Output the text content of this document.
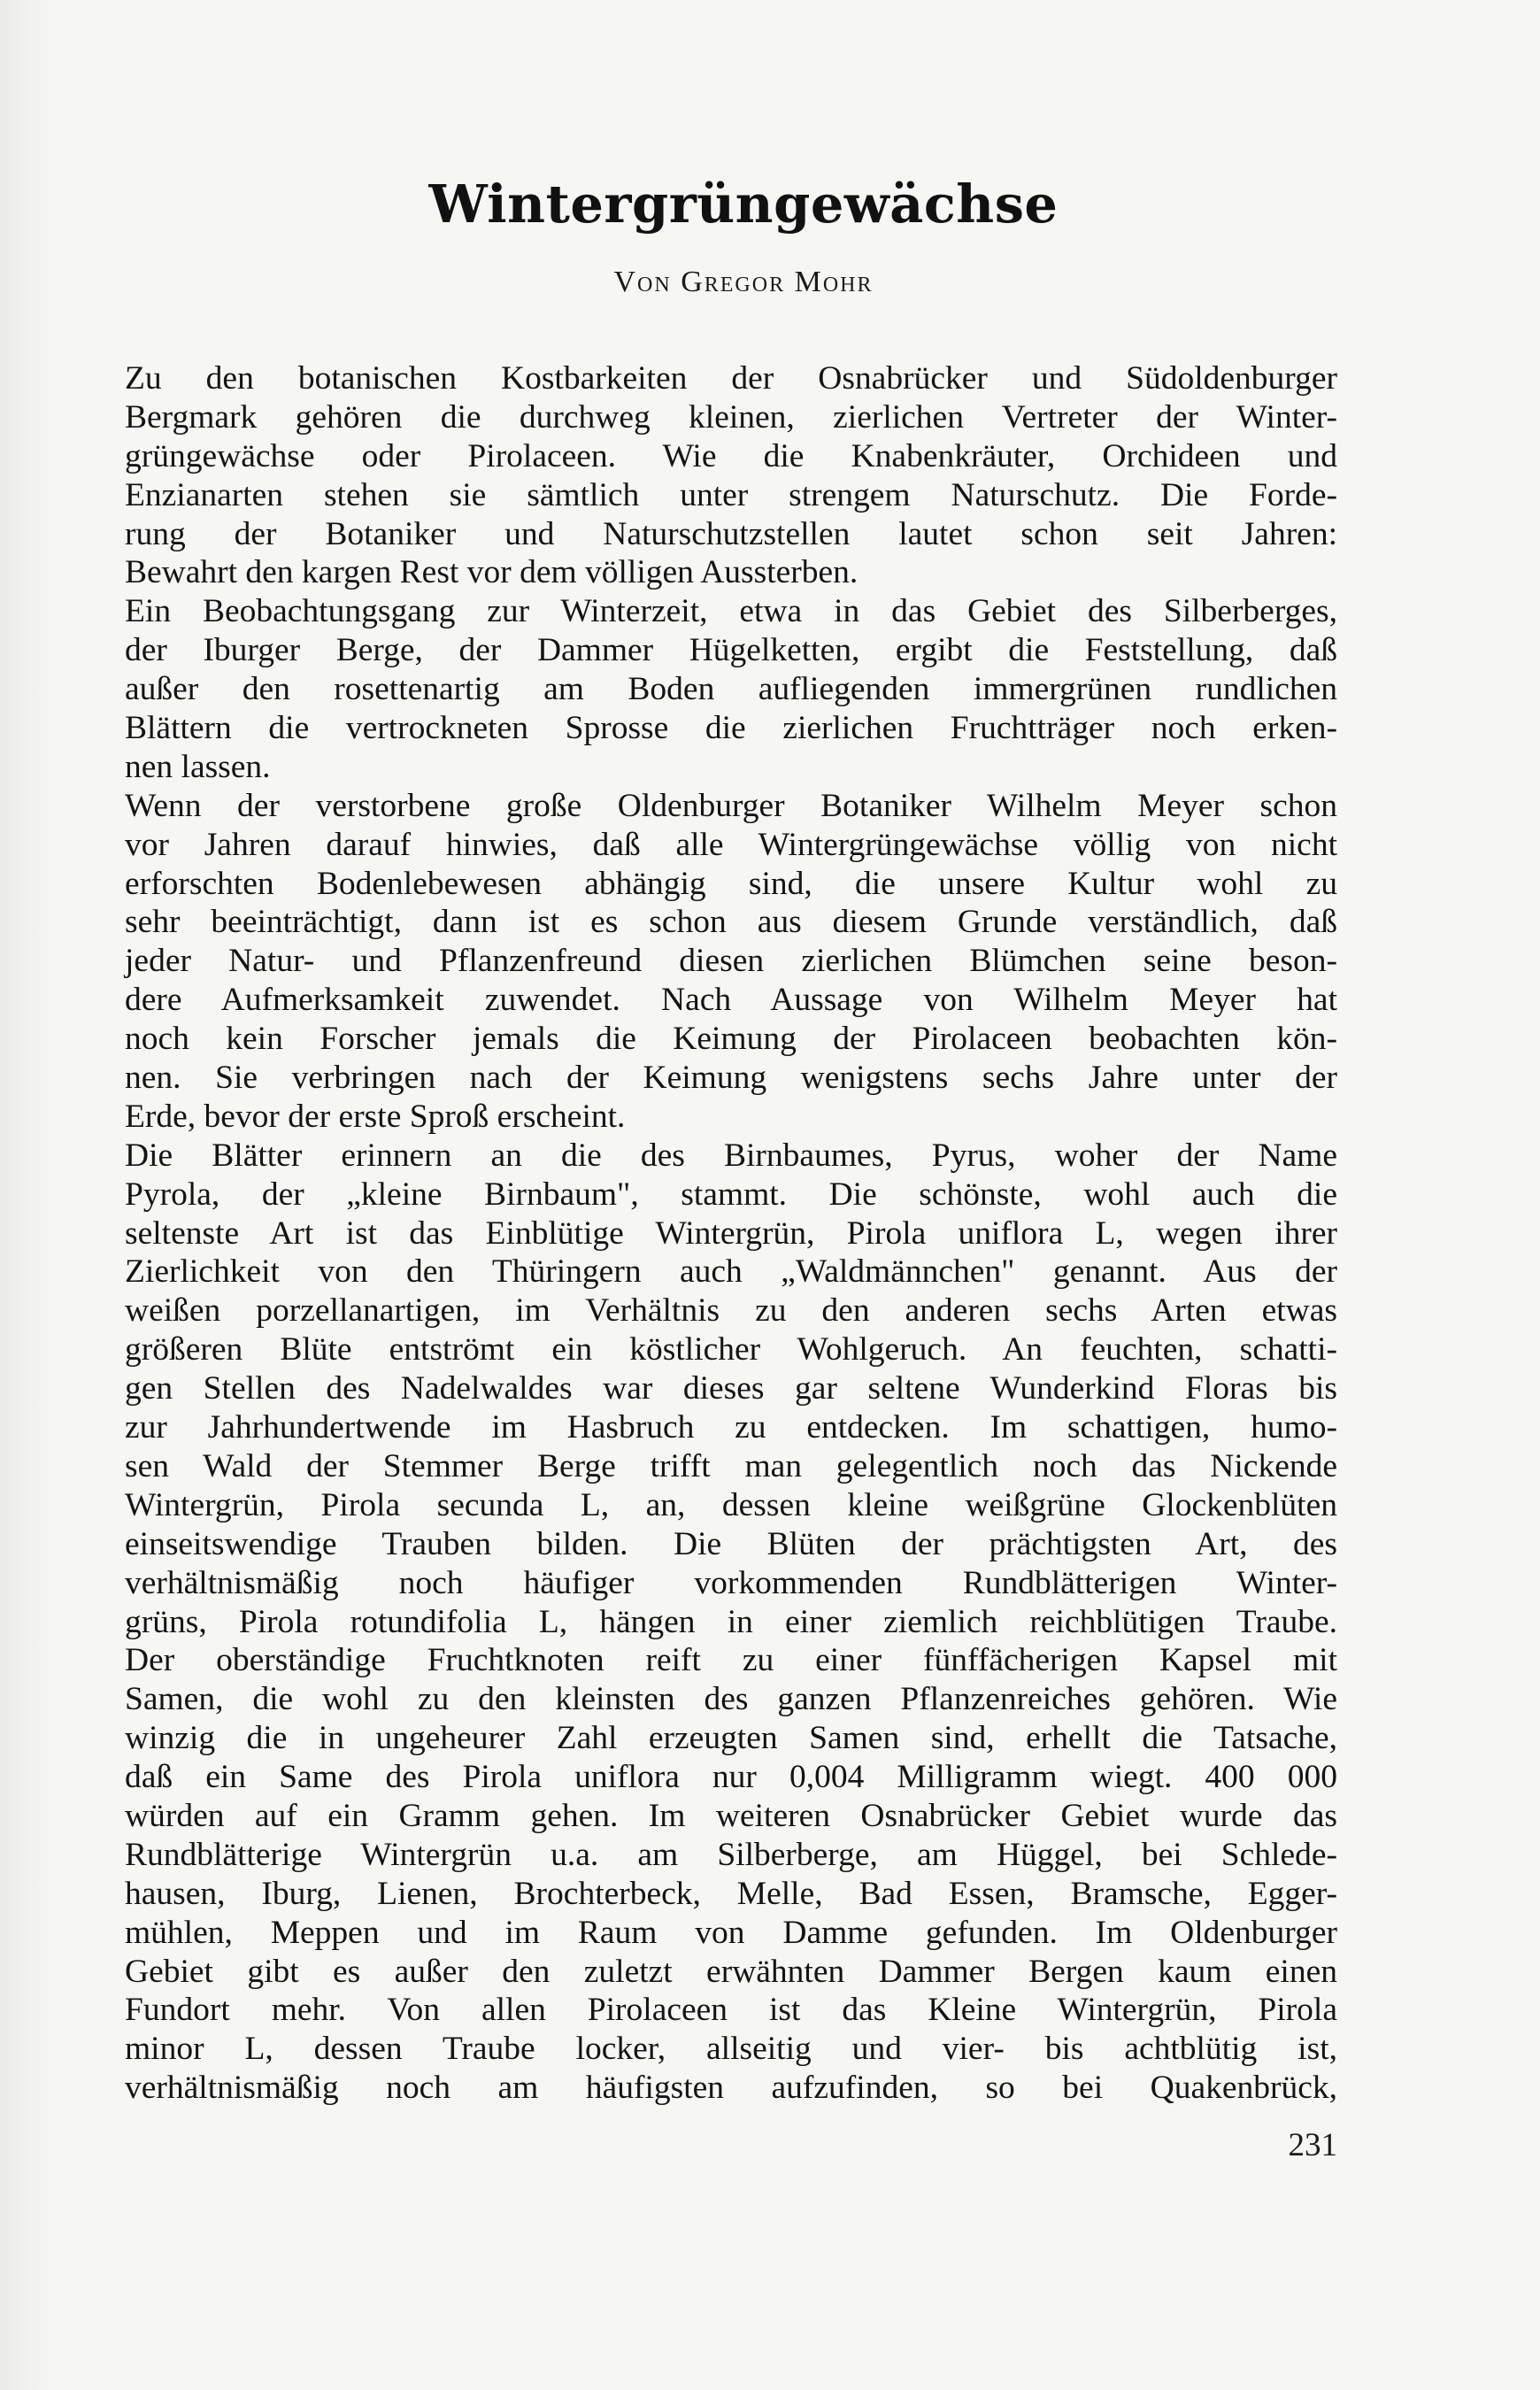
Wintergrüngewächse
Von Gregor Mohr
Zu den botanischen Kostbarkeiten der Osnabrücker und Südoldenburger
Bergmark gehören die durchweg kleinen, zierlichen Vertreter der Winter-
grüngewächse oder Pirolaceen. Wie die Knabenkräuter, Orchideen und
Enzianarten stehen sie sämtlich unter strengem Naturschutz. Die Forde-
rung der Botaniker und Naturschutzstellen lautet schon seit Jahren:
Bewahrt den kargen Rest vor dem völligen Aussterben.
Ein Beobachtungsgang zur Winterzeit, etwa in das Gebiet des Silberberges,
der Iburger Berge, der Dammer Hügelketten, ergibt die Feststellung, daß
außer den rosettenartig am Boden aufliegenden immergrünen rundlichen
Blättern die vertrockneten Sprosse die zierlichen Fruchtträger noch erken-
nen lassen.
Wenn der verstorbene große Oldenburger Botaniker Wilhelm Meyer schon
vor Jahren darauf hinwies, daß alle Wintergrüngewächse völlig von nicht
erforschten Bodenlebewesen abhängig sind, die unsere Kultur wohl zu
sehr beeinträchtigt, dann ist es schon aus diesem Grunde verständlich, daß
jeder Natur- und Pflanzenfreund diesen zierlichen Blümchen seine beson-
dere Aufmerksamkeit zuwendet. Nach Aussage von Wilhelm Meyer hat
noch kein Forscher jemals die Keimung der Pirolaceen beobachten kön-
nen. Sie verbringen nach der Keimung wenigstens sechs Jahre unter der
Erde, bevor der erste Sproß erscheint.
Die Blätter erinnern an die des Birnbaumes, Pyrus, woher der Name
Pyrola, der „kleine Birnbaum", stammt. Die schönste, wohl auch die
seltenste Art ist das Einblütige Wintergrün, Pirola uniflora L, wegen ihrer
Zierlichkeit von den Thüringern auch „Waldmännchen" genannt. Aus der
weißen porzellanartigen, im Verhältnis zu den anderen sechs Arten etwas
größeren Blüte entströmt ein köstlicher Wohlgeruch. An feuchten, schatti-
gen Stellen des Nadelwaldes war dieses gar seltene Wunderkind Floras bis
zur Jahrhundertwende im Hasbruch zu entdecken. Im schattigen, humo-
sen Wald der Stemmer Berge trifft man gelegentlich noch das Nickende
Wintergrün, Pirola secunda L, an, dessen kleine weißgrüne Glockenblüten
einseitswendige Trauben bilden. Die Blüten der prächtigsten Art, des
verhältnismäßig noch häufiger vorkommenden Rundblätterigen Winter-
grüns, Pirola rotundifolia L, hängen in einer ziemlich reichblütigen Traube.
Der oberständige Fruchtknoten reift zu einer fünffächerigen Kapsel mit
Samen, die wohl zu den kleinsten des ganzen Pflanzenreiches gehören. Wie
winzig die in ungeheurer Zahl erzeugten Samen sind, erhellt die Tatsache,
daß ein Same des Pirola uniflora nur 0,004 Milligramm wiegt. 400 000
würden auf ein Gramm gehen. Im weiteren Osnabrücker Gebiet wurde das
Rundblätterige Wintergrün u.a. am Silberberge, am Hüggel, bei Schlede-
hausen, Iburg, Lienen, Brochterbeck, Melle, Bad Essen, Bramsche, Egger-
mühlen, Meppen und im Raum von Damme gefunden. Im Oldenburger
Gebiet gibt es außer den zuletzt erwähnten Dammer Bergen kaum einen
Fundort mehr. Von allen Pirolaceen ist das Kleine Wintergrün, Pirola
minor L, dessen Traube locker, allseitig und vier- bis achtblütig ist,
verhältnismäßig noch am häufigsten aufzufinden, so bei Quakenbrück,
231
